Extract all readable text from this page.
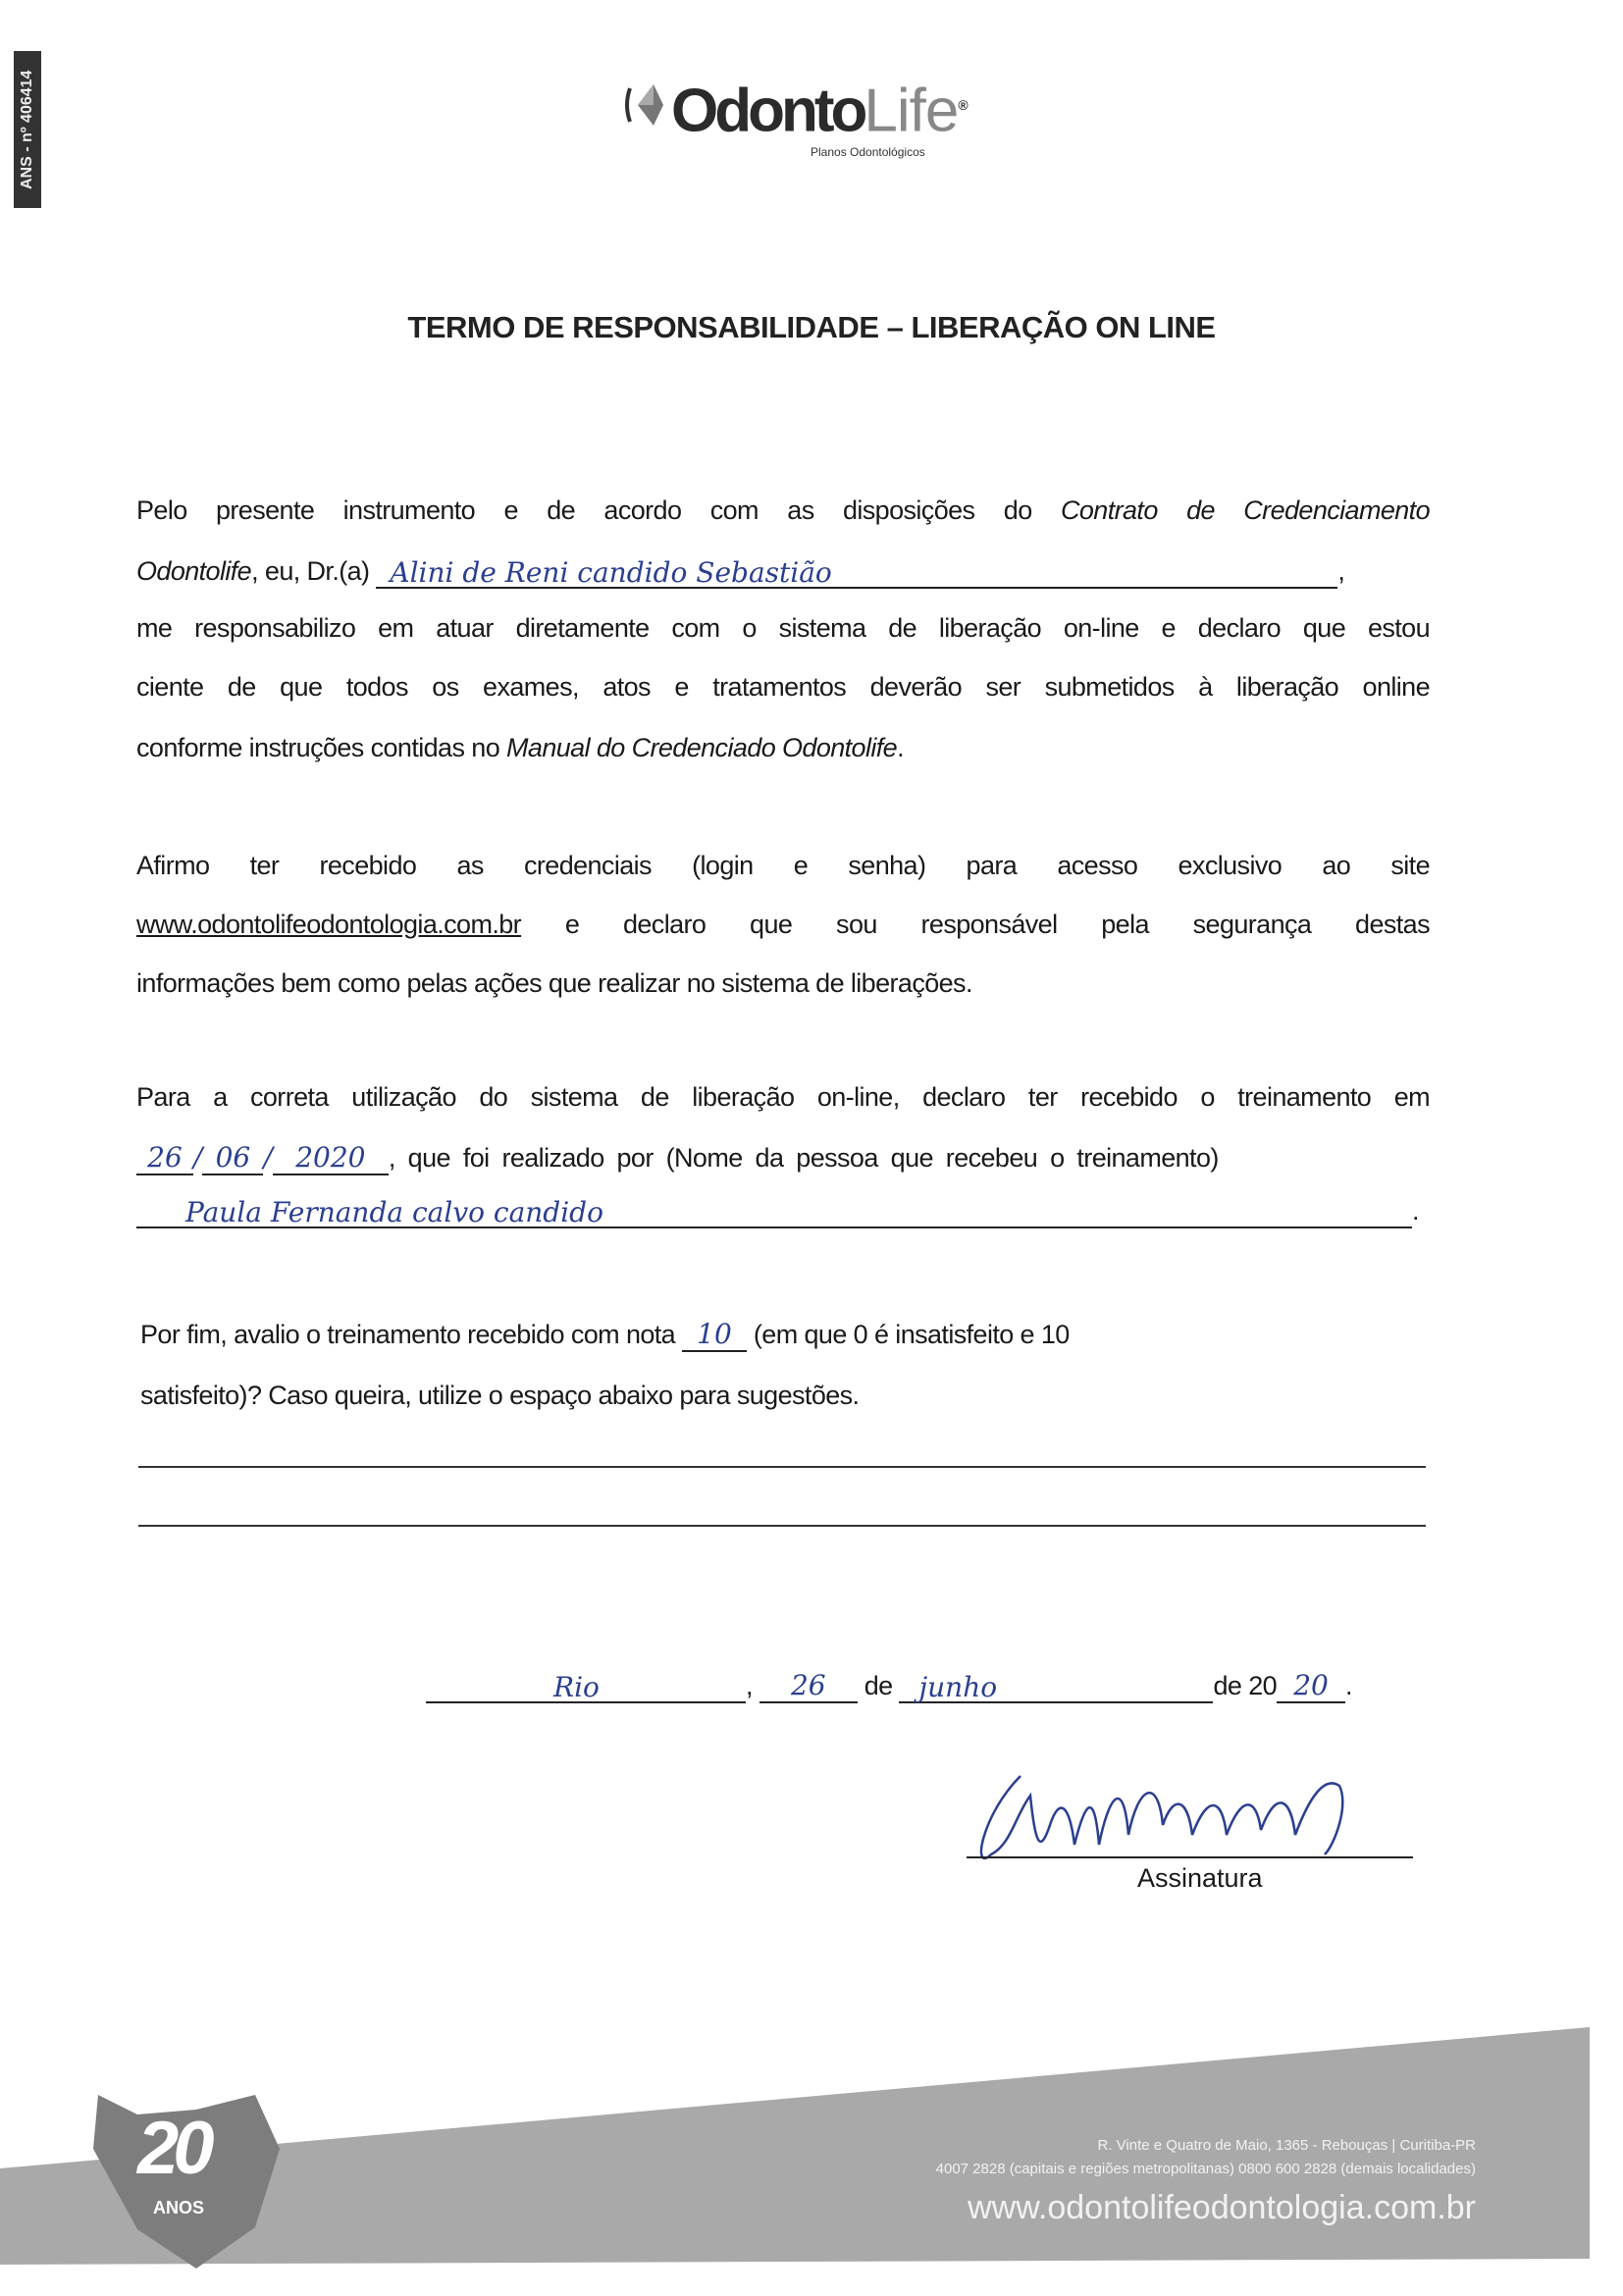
ANS - nº 406414	OdontoLife®
Planos Odontológicos
TERMO DE RESPONSABILIDADE – LIBERAÇÃO ON LINE
Pelo presente instrumento e de acordo com as disposições do Contrato de Credenciamento
Odontolife, eu, Dr.(a) Alini de Reni candido Sebastião	,
me responsabilizo em atuar diretamente com o sistema de liberação on-line e declaro que estou
ciente de que todos os exames, atos e tratamentos deverão ser submetidos à liberação online
conforme instruções contidas no Manual do Credenciado Odontolife.
Afirmo ter recebido as credenciais (login e senha) para acesso exclusivo ao site
www.odontolifeodontologia.com.br e declaro que sou responsável pela segurança destas
informações bem como pelas ações que realizar no sistema de liberações.
Para a correta utilização do sistema de liberação on-line, declaro ter recebido o treinamento em
26 / 06 / 2020 , que foi realizado por (Nome da pessoa que recebeu o treinamento)
Paula Fernanda calvo candido	.
Por fim, avalio o treinamento recebido com nota 10 (em que 0 é insatisfeito e 10
satisfeito)? Caso queira, utilize o espaço abaixo para sugestões.
Rio	, 26 de junho	de 20 20 .
Assinatura
20
ANOS
R. Vinte e Quatro de Maio, 1365 - Rebouças | Curitiba-PR
4007 2828 (capitais e regiões metropolitanas) 0800 600 2828 (demais localidades)
www.odontolifeodontologia.com.br
